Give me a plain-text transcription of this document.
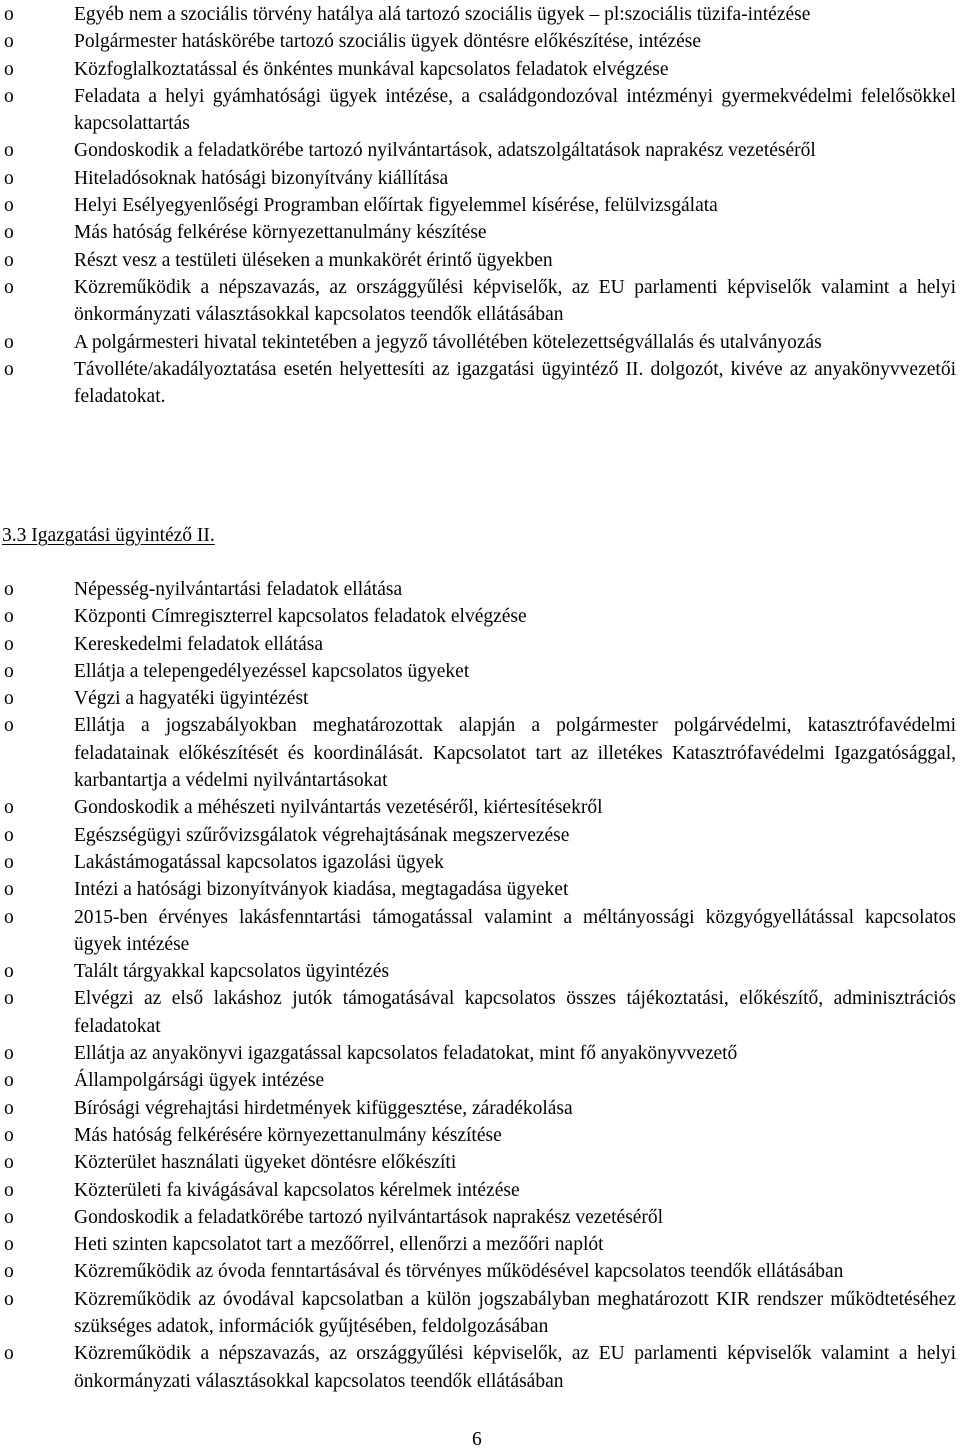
o	Egyéb nem a szociális törvény hatálya alá tartozó szociális ügyek – pl:szociális tüzifa-intézése
o	Polgármester hatáskörébe tartozó szociális ügyek döntésre előkészítése, intézése
o	Közfoglalkoztatással és önkéntes munkával kapcsolatos feladatok elvégzése
o	Feladata a helyi gyámhatósági ügyek intézése, a családgondozóval intézményi gyermekvédelmi felelősökkel kapcsolattartás
o	Gondoskodik a feladatkörébe tartozó nyilvántartások, adatszolgáltatások naprakész vezetéséről
o	Hiteladósoknak hatósági bizonyítvány kiállítása
o	Helyi Esélyegyenlőségi Programban előírtak figyelemmel kísérése, felülvizsgálata
o	Más hatóság felkérése környezettanulmány készítése
o	Részt vesz a testületi üléseken a munkakörét érintő ügyekben
o	Közreműködik a népszavazás, az országgyűlési képviselők, az EU parlamenti képviselők valamint a helyi önkormányzati választásokkal kapcsolatos teendők ellátásában
o	A polgármesteri hivatal tekintetében a jegyző távollétében kötelezettségvállalás és utalványozás
o	Távolléte/akadályoztatása esetén helyettesíti az igazgatási ügyintéző II. dolgozót, kivéve az anyakönyvvezetői feladatokat.
3.3 Igazgatási ügyintéző II.
o	Népesség-nyilvántartási feladatok ellátása
o	Központi Címregiszterrel kapcsolatos feladatok elvégzése
o	Kereskedelmi feladatok ellátása
o	Ellátja a telepengedélyezéssel kapcsolatos ügyeket
o	Végzi a hagyatéki ügyintézést
o	Ellátja a jogszabályokban meghatározottak alapján a polgármester polgárvédelmi, katasztrófavédelmi feladatainak előkészítését és koordinálását. Kapcsolatot tart az illetékes Katasztrófavédelmi Igazgatósággal, karbantartja a védelmi nyilvántartásokat
o	Gondoskodik a méhészeti nyilvántartás vezetéséről, kiértesítésekről
o	Egészségügyi szűrővizsgálatok végrehajtásának megszervezése
o	Lakástámogatással kapcsolatos igazolási ügyek
o	Intézi a hatósági bizonyítványok kiadása, megtagadása ügyeket
o	2015-ben érvényes lakásfenntartási támogatással valamint a méltányossági közgyógyellátással kapcsolatos ügyek intézése
o	Talált tárgyakkal kapcsolatos ügyintézés
o	Elvégzi az első lakáshoz jutók támogatásával kapcsolatos összes tájékoztatási, előkészítő, adminisztrációs feladatokat
o	Ellátja az anyakönyvi igazgatással kapcsolatos feladatokat, mint fő anyakönyvvezető
o	Állampolgársági ügyek intézése
o	Bírósági végrehajtási hirdetmények kifüggesztése, záradékolása
o	Más hatóság felkérésére környezettanulmány készítése
o	Közterület használati ügyeket döntésre előkészíti
o	Közterületi fa kivágásával kapcsolatos kérelmek intézése
o	Gondoskodik a feladatkörébe tartozó nyilvántartások naprakész vezetéséről
o	Heti szinten kapcsolatot tart a mezőőrrel, ellenőrzi a mezőőri naplót
o	Közreműködik az óvoda fenntartásával és törvényes működésével kapcsolatos teendők ellátásában
o	Közreműködik az óvodával kapcsolatban a külön jogszabályban meghatározott KIR rendszer működtetéséhez szükséges adatok, információk gyűjtésében, feldolgozásában
o	Közreműködik a népszavazás, az országgyűlési képviselők, az EU parlamenti képviselők valamint a helyi önkormányzati választásokkal kapcsolatos teendők ellátásában
6
